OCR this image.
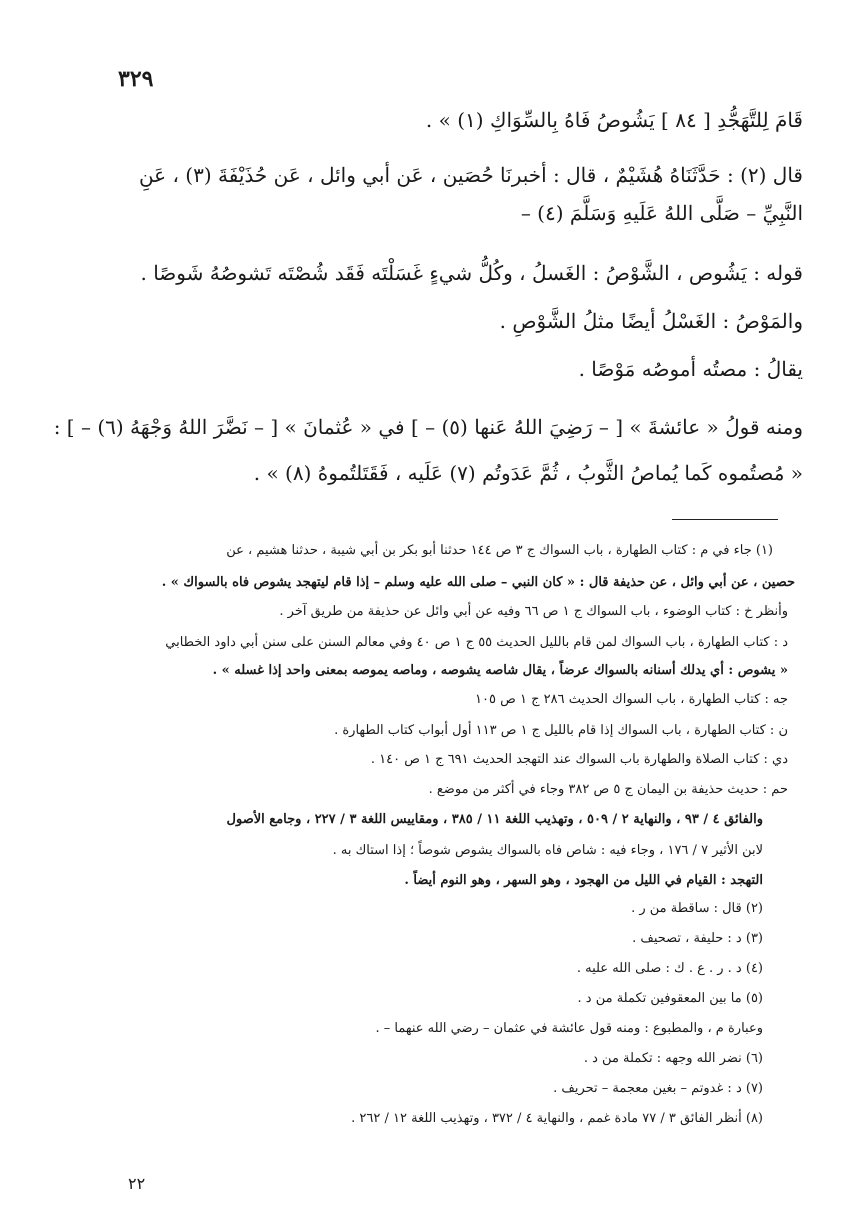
٣٢٩
قَامَ لِلتَّهَجُّدِ [ ٨٤ ] يَشُوصُ فَاهُ بِالسِّوَاكِ (١) » .
قال (٢) : حَدَّثَنَاهُ هُشَيْمٌ ، قال : أخبرنَا حُصَين ، عَن أبي وائل ، عَن حُذَيْفَةَ (٣) ، عَنِ
النَّبِيِّ – صَلَّى اللهُ عَلَيهِ وَسَلَّمَ (٤) –
قوله : يَشُوص ، الشَّوْصُ : الغَسلُ ، وكُلُّ شيءٍ غَسَلْتَه فَقَد شُصْتَه تَشوصُهُ شَوصًا .
والمَوْصُ : الغَسْلُ أيضًا مثلُ الشَّوْصِ .
يقالُ : مصتُه أموصُه مَوْصًا .
ومنه قولُ « عائشةَ » [ – رَضِيَ اللهُ عَنها (٥) – ] في « عُثمانَ » [ – نَضَّرَ اللهُ وَجْهَهُ (٦) – ] :
« مُصتُموه كَما يُماصُ الثَّوبُ ، ثُمَّ عَدَوتُم (٧) عَلَيه ، فَقَتَلتُموهُ (٨) » .
(١) جاء في م : كتاب الطهارة ، باب السواك ج ٣ ص ١٤٤ حدثنا أبو بكر بن أبي شيبة ، حدثنا هشيم ، عن
حصين ، عن أبي وائل ، عن حذيفة قال : « كان النبي – صلى الله عليه وسلم – إذا قام ليتهجد يشوص فاه بالسواك » .
وأنظر خ : كتاب الوضوء ، باب السواك ج ١ ص ٦٦ وفيه عن أبي وائل عن حذيفة من طريق آخر .
د : كتاب الطهارة ، باب السواك لمن قام بالليل الحديث ٥٥ ج ١ ص ٤٠ وفي معالم السنن على سنن أبي داود الخطابي
« يشوص : أي يدلك أسنانه بالسواك عرضاً ، يقال شاصه يشوصه ، وماصه يموصه بمعنى واحد إذا غسله » .
جه : كتاب الطهارة ، باب السواك الحديث ٢٨٦ ج ١ ص ١٠٥
ن : كتاب الطهارة ، باب السواك إذا قام بالليل ج ١ ص ١١٣ أول أبواب كتاب الطهارة .
دي : كتاب الصلاة والطهارة باب السواك عند التهجد الحديث ٦٩١ ج ١ ص ١٤٠ .
حم : حديث حذيفة بن اليمان ج ٥ ص ٣٨٢ وجاء في أكثر من موضع .
والفائق ٤ / ٩٣ ، والنهاية ٢ / ٥٠٩ ، وتهذيب اللغة ١١ / ٣٨٥ ، ومقاييس اللغة ٣ / ٢٢٧ ، وجامع الأصول
لابن الأثير ٧ / ١٧٦ ، وجاء فيه : شاص فاه بالسواك يشوص شوصاً ؛ إذا استاك به .
التهجد : القيام في الليل من الهجود ، وهو السهر ، وهو النوم أيضاً .
(٢) قال : ساقطة من ر .
(٣) د : حليفة ، تصحيف .
(٤) د . ر . ع . ك : صلى الله عليه .
(٥) ما بين المعقوفين تكملة من د .
وعبارة م ، والمطبوع : ومنه قول عائشة في عثمان – رضي الله عنهما – .
(٦) نضر الله وجهه : تكملة من د .
(٧) د : غدوتم – بغين معجمة – تحريف .
(٨) أنظر الفائق ٣ / ٧٧ مادة غمم ، والنهاية ٤ / ٣٧٢ ، وتهذيب اللغة ١٢ / ٢٦٢ .
٢٢
